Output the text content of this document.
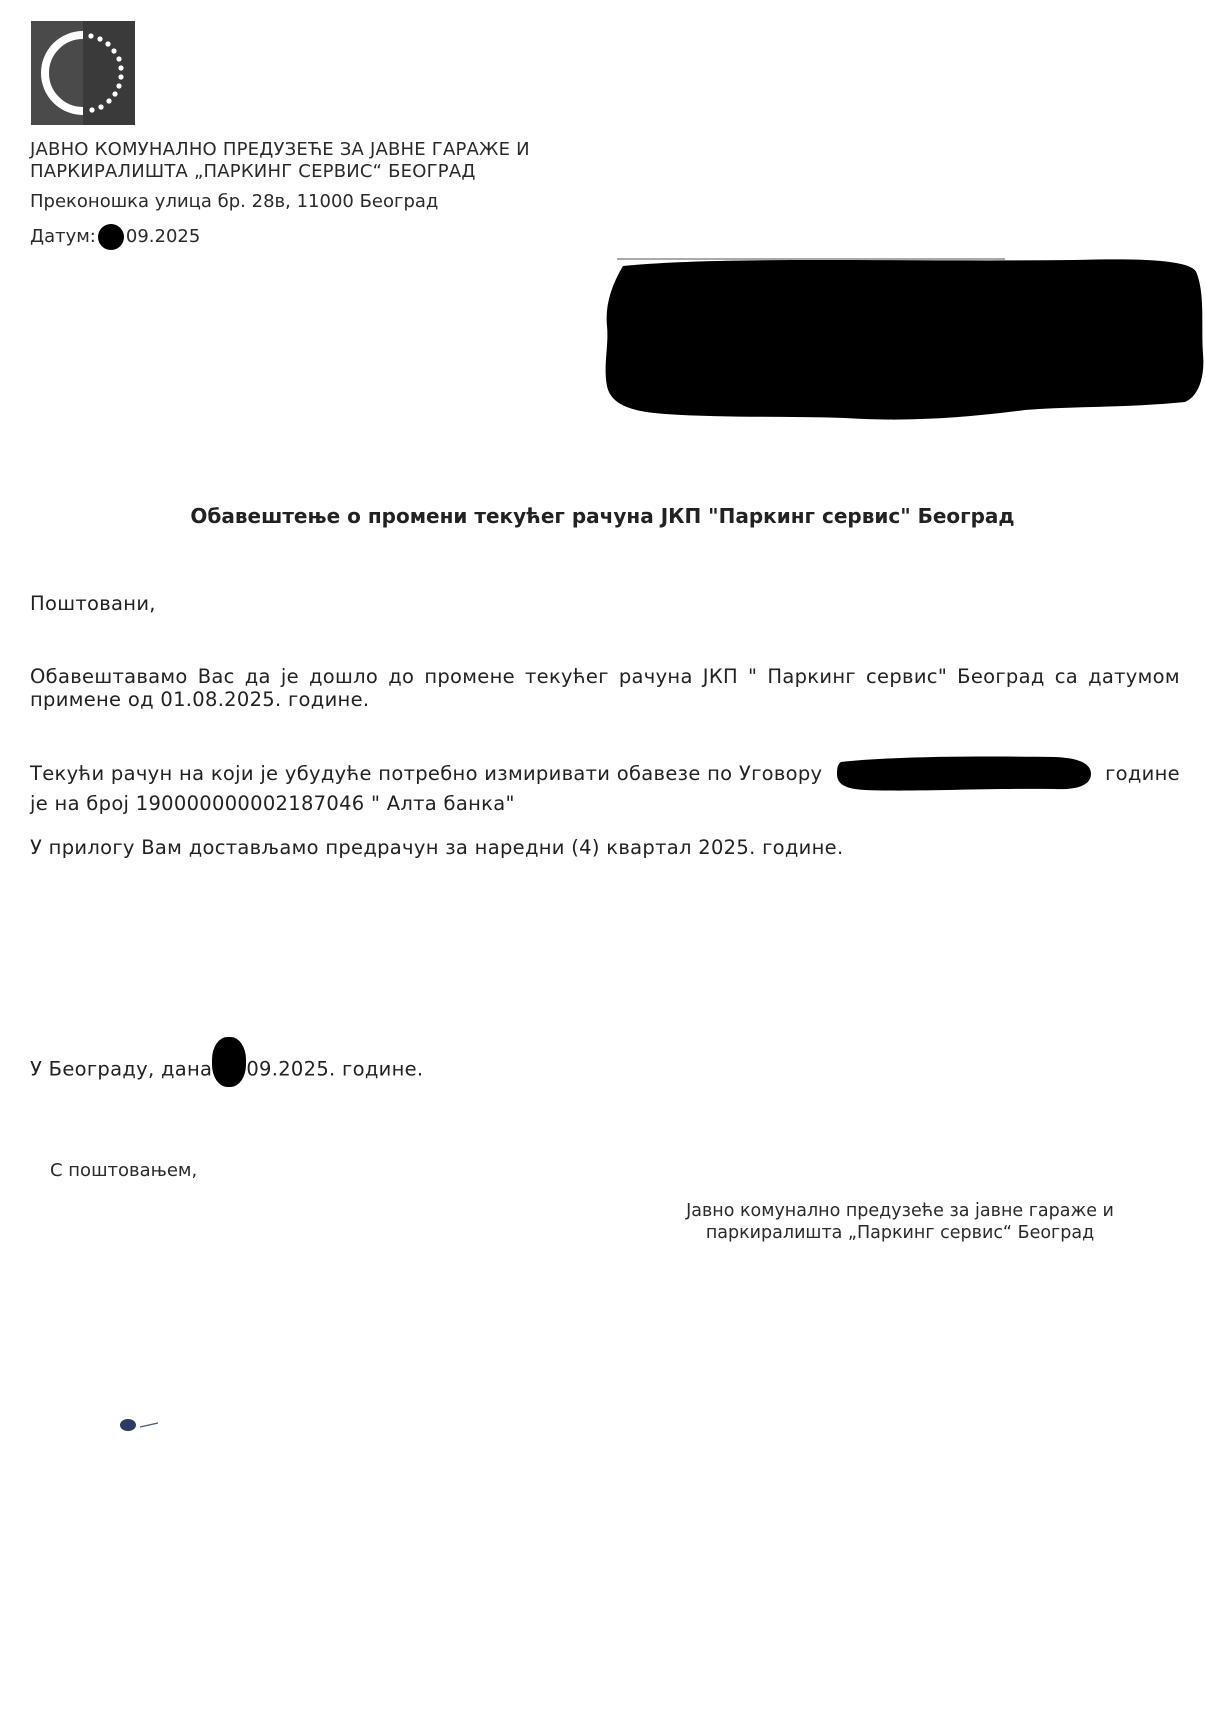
ЈАВНО КОМУНАЛНО ПРЕДУЗЕЋЕ ЗА ЈАВНЕ ГАРАЖЕ И
ПАРКИРАЛИШТА „ПАРКИНГ СЕРВИС“ БЕОГРАД
Преконошка улица бр. 28в, 11000 Београд
Датум: 09.2025
Обавештење о промени текућег рачуна ЈКП "Паркинг сервис" Београд
Поштовани,
Обавештавамо Вас да је дошло до промене текућег рачуна ЈКП " Паркинг сервис" Београд са датумом
примене од 01.08.2025. године.
Текући рачун на који је убудуће потребно измиривати обавезе по Уговору	године
је на број 190000000002187046 " Алта банка"
У прилогу Вам достављамо предрачун за наредни (4) квартал 2025. године.
У Београду, дана 09.2025. године.
С поштовањем,
Јавно комунално предузеће за јавне гараже и
паркиралишта „Паркинг сервис“ Београд
